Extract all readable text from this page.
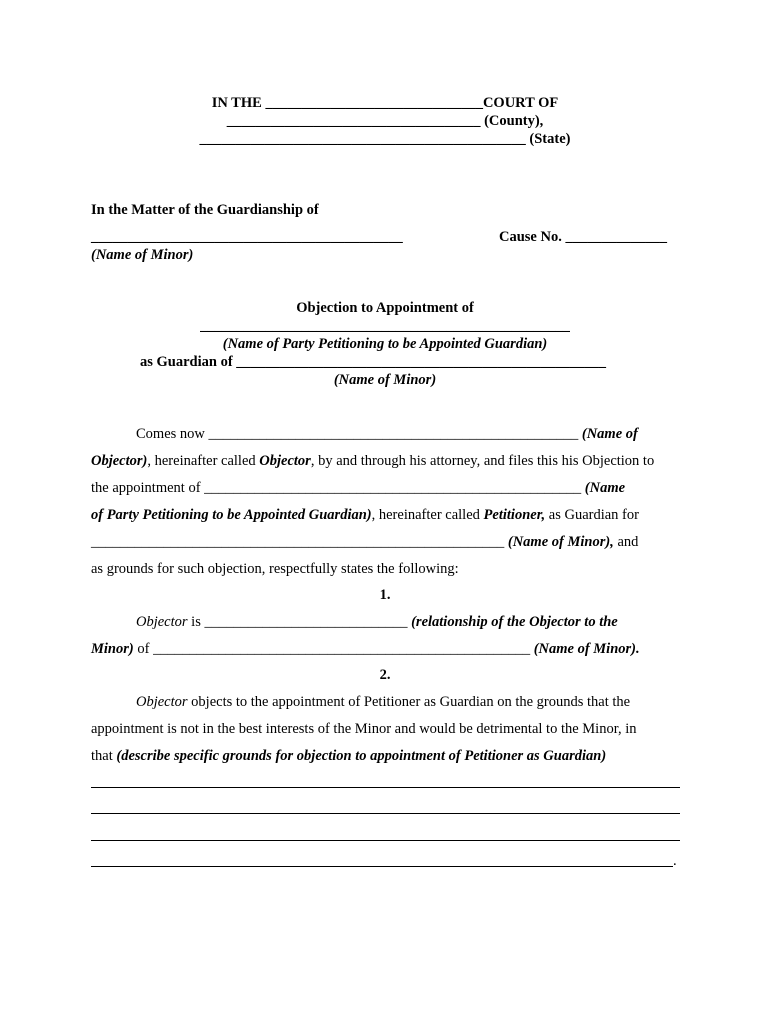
IN THE ______________________________COURT OF
___________________________________ (County),
_____________________________________________ (State)
In the Matter of the Guardianship of
___________________________________________	Cause No. ______________
(Name of Minor)
Objection to Appointment of
___________________________________________________
(Name of Party Petitioning to be Appointed Guardian)
as Guardian of ___________________________________________________
(Name of Minor)
Comes now ___________________________________________________ (Name of
Objector), hereinafter called Objector, by and through his attorney, and files this his Objection to
the appointment of ____________________________________________________ (Name
of Party Petitioning to be Appointed Guardian), hereinafter called Petitioner, as Guardian for
_________________________________________________________ (Name of Minor), and
as grounds for such objection, respectfully states the following:
1.
Objector is ____________________________ (relationship of the Objector to the
Minor) of ____________________________________________________ (Name of Minor).
2.
Objector objects to the appointment of Petitioner as Guardian on the grounds that the
appointment is not in the best interests of the Minor and would be detrimental to the Minor, in
that (describe specific grounds for objection to appointment of Petitioner as Guardian)
.
